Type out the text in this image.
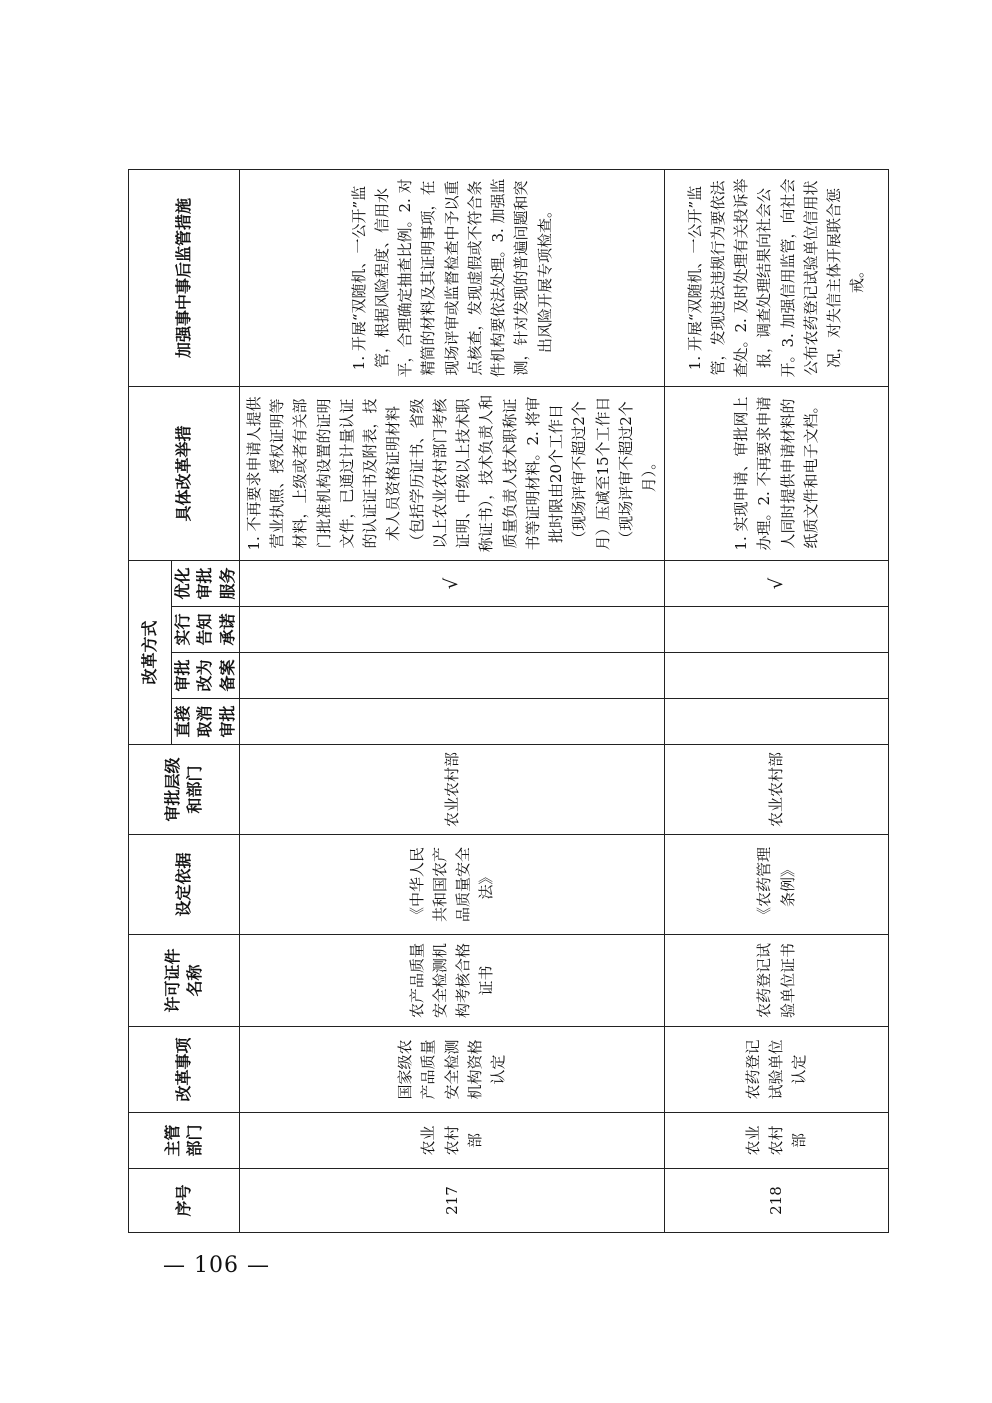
序号	主管部门	改革事项	许可证件名称	设定依据	审批层级和部门	改革方式				具体改革举措	加强事中事后监管措施
						直接取消审批	审批改为备案	实行告知承诺	优化审批服务		
217	农业农村部	国家级农产品质量安全检测机构资格认定	农产品质量安全检测机构考核合格证书	《中华人民共和国农产品质量安全法》	农业农村部				√	1. 不再要求申请人提供营业执照、授权证明等材料，上级或者有关部门批准机构设置的证明文件，已通过计量认证的认证证书及附表，技术人员资格证明材料（包括学历证书、省级以上农业农村部门考核证明、中级以上技术职称证书），技术负责人和质量负责人技术职称证书等证明材料。2. 将审批时限由20个工作日（现场评审不超过2个月）压减至15个工作日（现场评审不超过2个月）。	1. 开展“双随机、一公开”监管，根据风险程度、信用水平，合理确定抽查比例。2. 对精简的材料及其证明事项，在现场评审或监督检查中予以重点核查，发现虚假或不符合条件机构要依法处理。3. 加强监测，针对发现的普遍问题和突出风险开展专项检查。
218	农业农村部	农药登记试验单位认定	农药登记试验单位证书	《农药管理条例》	农业农村部				√	1. 实现申请、审批网上办理。2. 不再要求申请人同时提供申请材料的纸质文件和电子文档。	1. 开展“双随机、一公开”监管，发现违法违规行为要依法查处。2. 及时处理有关投诉举报，调查处理结果向社会公开。3. 加强信用监管，向社会公布农药登记试验单位信用状况，对失信主体开展联合惩戒。
— 106 —
